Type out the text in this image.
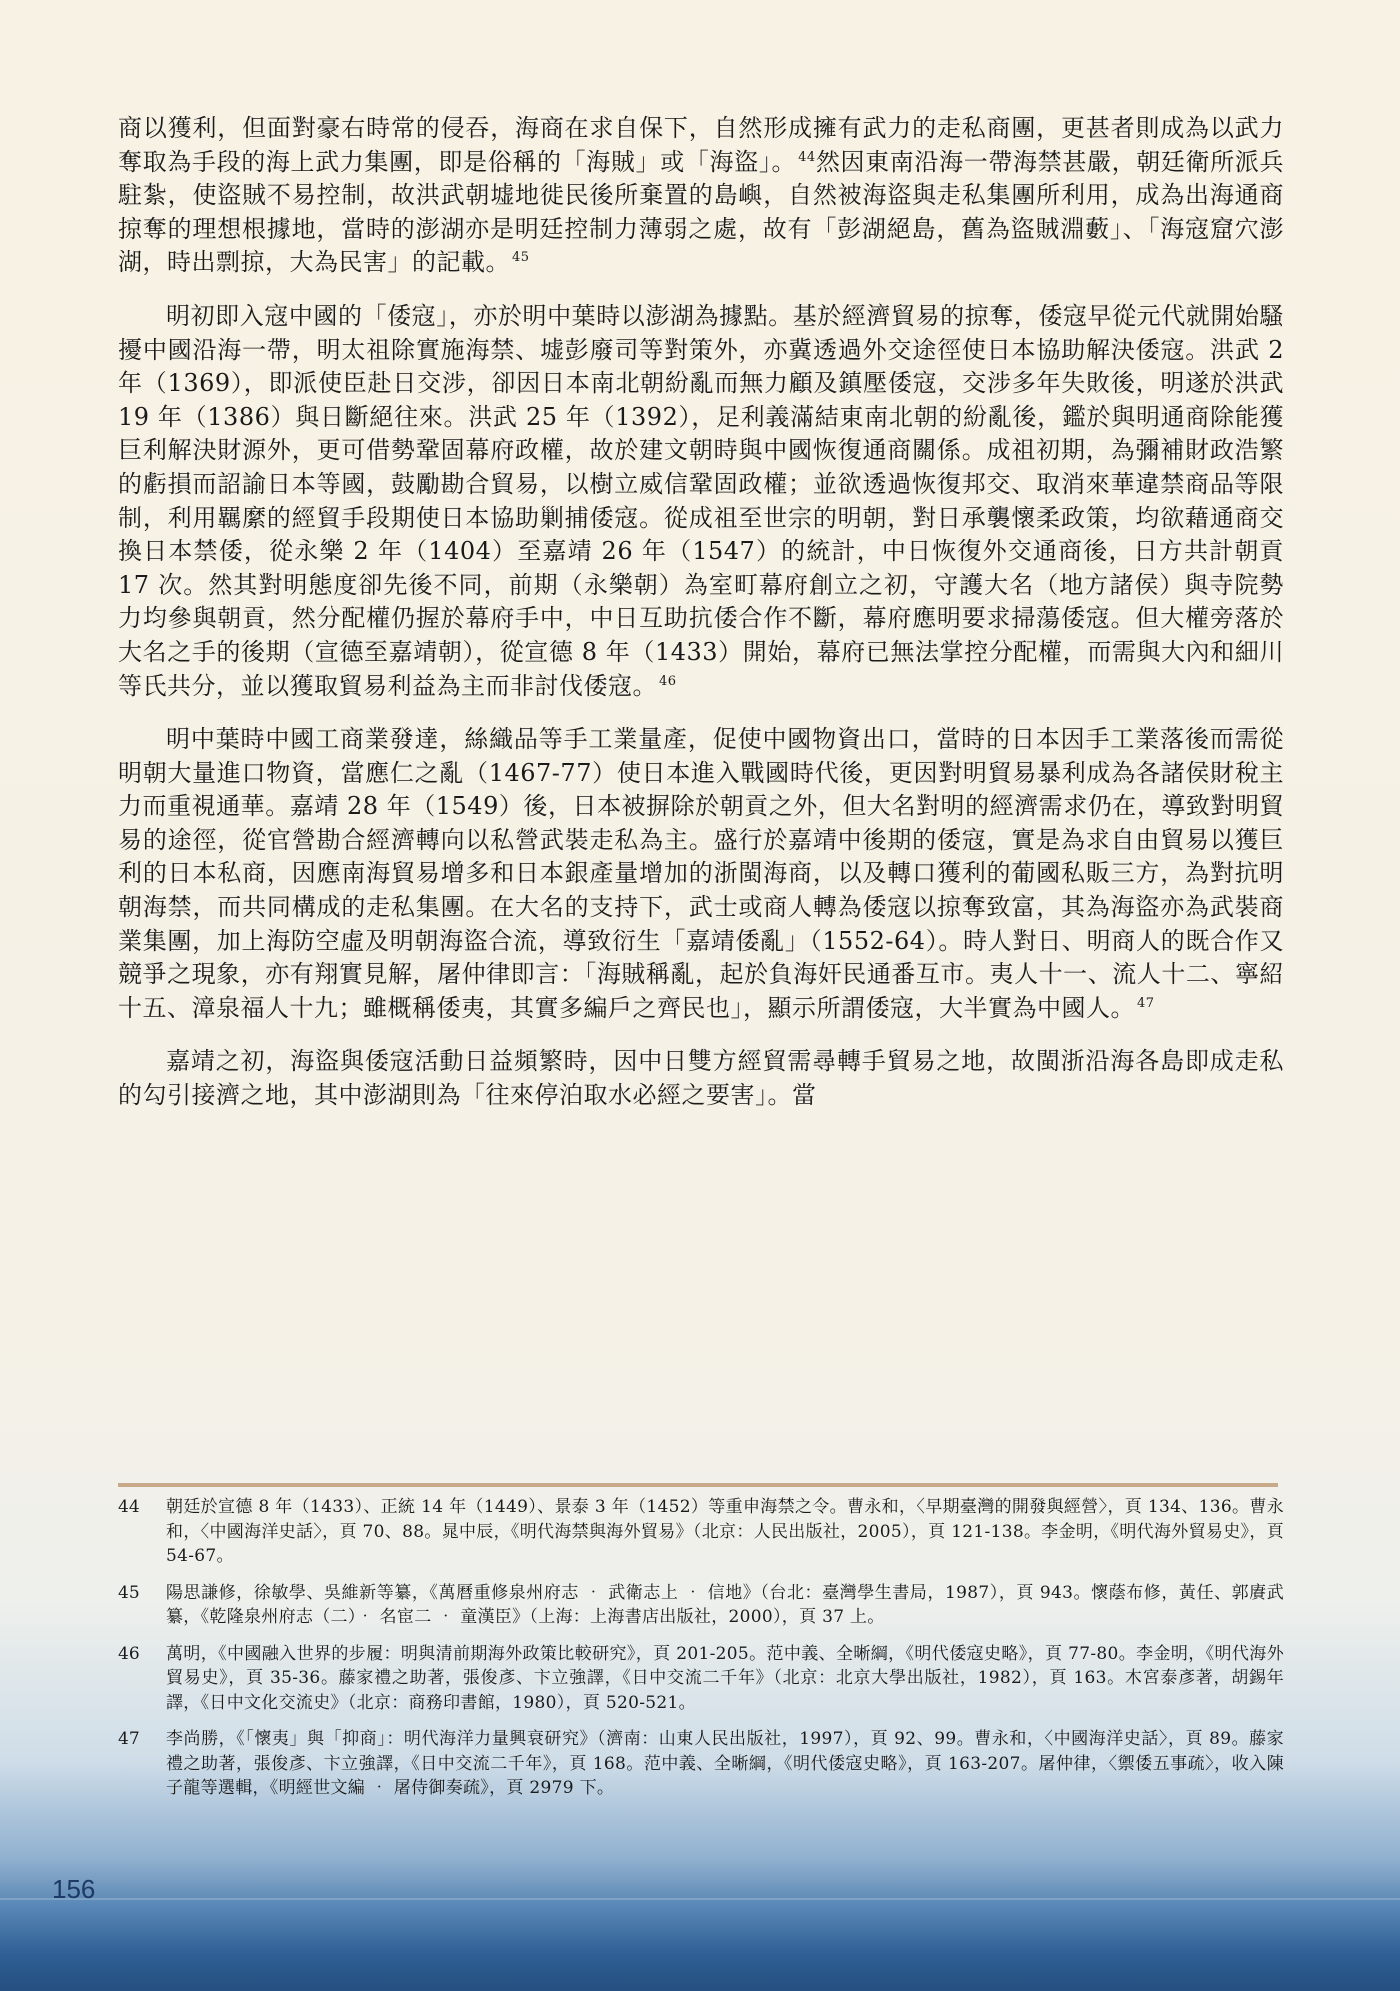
商以獲利，但面對豪右時常的侵吞，海商在求自保下，自然形成擁有武力的走私商團，更甚者則成為以武力奪取為手段的海上武力集團，即是俗稱的「海賊」或「海盜」。 $^{44}$然因東南沿海一帶海禁甚嚴，朝廷衛所派兵駐紮，使盜賊不易控制，故洪武朝墟地徙民後所棄置的島嶼，自然被海盜與走私集團所利用，成為出海通商掠奪的理想根據地，當時的澎湖亦是明廷控制力薄弱之處，故有「彭湖絕島，舊為盜賊淵藪」、「海寇窟穴澎湖，時出剽掠，大為民害」的記載。 $^{45}$

明初即入寇中國的「倭寇」，亦於明中葉時以澎湖為據點。基於經濟貿易的掠奪，倭寇早從元代就開始騷擾中國沿海一帶，明太祖除實施海禁、墟彭廢司等對策外，亦冀透過外交途徑使日本協助解決倭寇。洪武 2 年（1369），即派使臣赴日交涉，卻因日本南北朝紛亂而無力顧及鎮壓倭寇，交涉多年失敗後，明遂於洪武 19 年（1386）與日斷絕往來。洪武 25 年（1392），足利義滿結東南北朝的紛亂後，鑑於與明通商除能獲巨利解決財源外，更可借勢鞏固幕府政權，故於建文朝時與中國恢復通商關係。成祖初期，為彌補財政浩繁的虧損而詔諭日本等國，鼓勵勘合貿易，以樹立威信鞏固政權；並欲透過恢復邦交、取消來華違禁商品等限制，利用羈縻的經貿手段期使日本協助剿捕倭寇。從成祖至世宗的明朝，對日承襲懷柔政策，均欲藉通商交換日本禁倭，從永樂 2 年（1404）至嘉靖 26 年（1547）的統計，中日恢復外交通商後，日方共計朝貢 17 次。然其對明態度卻先後不同，前期（永樂朝）為室町幕府創立之初，守護大名（地方諸侯）與寺院勢力均參與朝貢，然分配權仍握於幕府手中，中日互助抗倭合作不斷，幕府應明要求掃蕩倭寇。但大權旁落於大名之手的後期（宣德至嘉靖朝），從宣德 8 年（1433）開始，幕府已無法掌控分配權，而需與大內和細川等氏共分，並以獲取貿易利益為主而非討伐倭寇。 $^{46}$

明中葉時中國工商業發達，絲織品等手工業量產，促使中國物資出口，當時的日本因手工業落後而需從明朝大量進口物資，當應仁之亂（1467-77）使日本進入戰國時代後，更因對明貿易暴利成為各諸侯財稅主力而重視通華。嘉靖 28 年（1549）後，日本被摒除於朝貢之外，但大名對明的經濟需求仍在，導致對明貿易的途徑，從官營勘合經濟轉向以私營武裝走私為主。盛行於嘉靖中後期的倭寇，實是為求自由貿易以獲巨利的日本私商，因應南海貿易增多和日本銀產量增加的浙閩海商，以及轉口獲利的葡國私販三方，為對抗明朝海禁，而共同構成的走私集團。在大名的支持下，武士或商人轉為倭寇以掠奪致富，其為海盜亦為武裝商業集團，加上海防空虛及明朝海盜合流，導致衍生「嘉靖倭亂」（1552-64）。時人對日、明商人的既合作又競爭之現象，亦有翔實見解，屠仲律即言：「海賊稱亂，起於負海奸民通番互市。夷人十一、流人十二、寧紹十五、漳泉福人十九；雖概稱倭夷，其實多編戶之齊民也」，顯示所謂倭寇，大半實為中國人。 $^{47}$

嘉靖之初，海盜與倭寇活動日益頻繁時，因中日雙方經貿需尋轉手貿易之地，故閩浙沿海各島即成走私的勾引接濟之地，其中澎湖則為「往來停泊取水必經之要害」。當

44	朝廷於宣德 8 年（1433）、正統 14 年（1449）、景泰 3 年（1452）等重申海禁之令。曹永和，〈早期臺灣的開發與經營〉，頁 134、136。曹永和，〈中國海洋史話〉，頁 70、88。晁中辰，《明代海禁與海外貿易》（北京：人民出版社，2005），頁 121-138。李金明，《明代海外貿易史》，頁 54-67。
45	陽思謙修，徐敏學、吳維新等纂，《萬曆重修泉州府志 ‧ 武衛志上 ‧ 信地》（台北：臺灣學生書局，1987），頁 943。懷蔭布修，黃任、郭賡武纂，《乾隆泉州府志（二）‧ 名宦二 ‧ 童漢臣》（上海：上海書店出版社，2000），頁 37 上。
46	萬明，《中國融入世界的步履：明與清前期海外政策比較研究》，頁 201-205。范中義、全晰綱，《明代倭寇史略》，頁 77-80。李金明，《明代海外貿易史》，頁 35-36。藤家禮之助著，張俊彥、卞立強譯，《日中交流二千年》（北京：北京大學出版社，1982），頁 163。木宮泰彥著，胡錫年譯，《日中文化交流史》（北京：商務印書館，1980），頁 520-521。
47	李尚勝，《「懷夷」與「抑商」：明代海洋力量興衰研究》（濟南：山東人民出版社，1997），頁 92、99。曹永和，〈中國海洋史話〉，頁 89。藤家禮之助著，張俊彥、卞立強譯，《日中交流二千年》，頁 168。范中義、全晰綱，《明代倭寇史略》，頁 163-207。屠仲律，〈禦倭五事疏〉，收入陳子龍等選輯，《明經世文編 ‧ 屠侍御奏疏》，頁 2979 下。
156
